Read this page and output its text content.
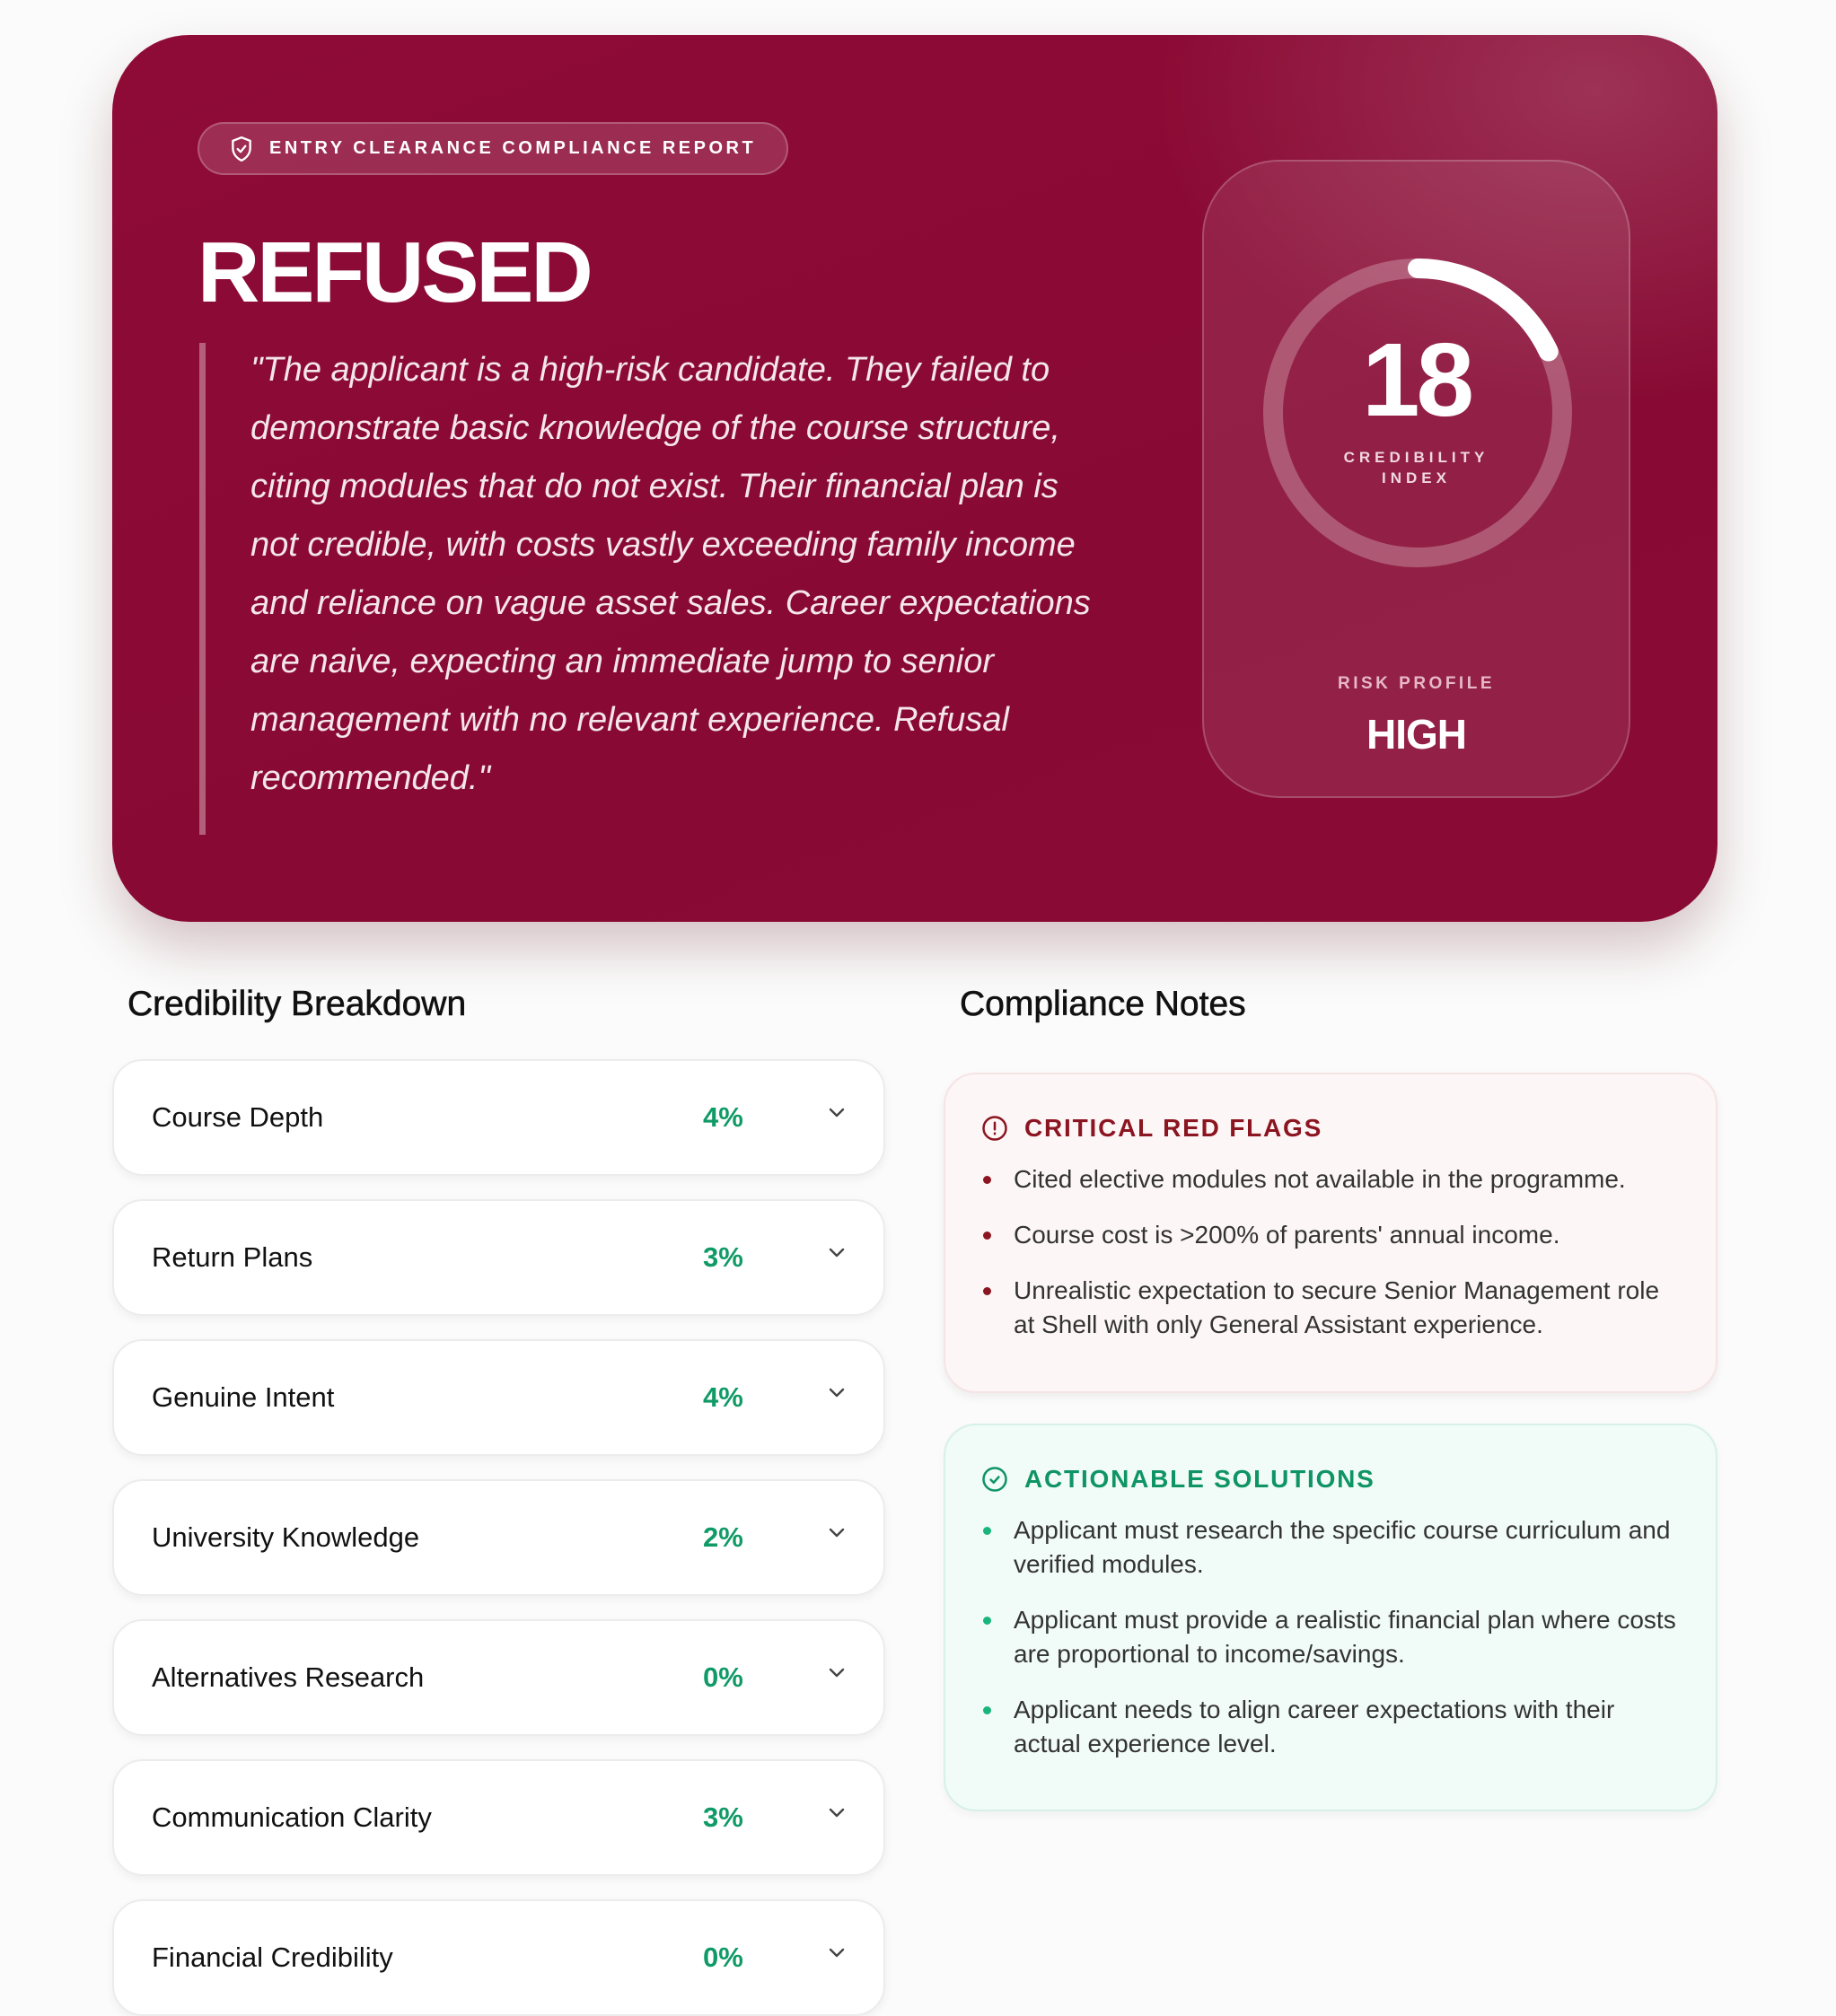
ENTRY CLEARANCE COMPLIANCE REPORT
REFUSED

"The applicant is a high-risk candidate. They failed to demonstrate basic knowledge of the course structure, citing modules that do not exist. Their financial plan is not credible, with costs vastly exceeding family income and reliance on vague asset sales. Career expectations are naive, expecting an immediate jump to senior management with no relevant experience. Refusal recommended."

18
CREDIBILITY
INDEX
RISK PROFILE
HIGH
Credibility Breakdown	Compliance Notes
Course Depth	4%
Return Plans	3%
Genuine Intent	4%
University Knowledge	2%
Alternatives Research	0%
Communication Clarity	3%
Financial Credibility	0%
CRITICAL RED FLAGS
Cited elective modules not available in the programme.
Course cost is >200% of parents' annual income.
Unrealistic expectation to secure Senior Management role at Shell with only General Assistant experience.
ACTIONABLE SOLUTIONS
Applicant must research the specific course curriculum and verified modules.
Applicant must provide a realistic financial plan where costs are proportional to income/savings.
Applicant needs to align career expectations with their actual experience level.
